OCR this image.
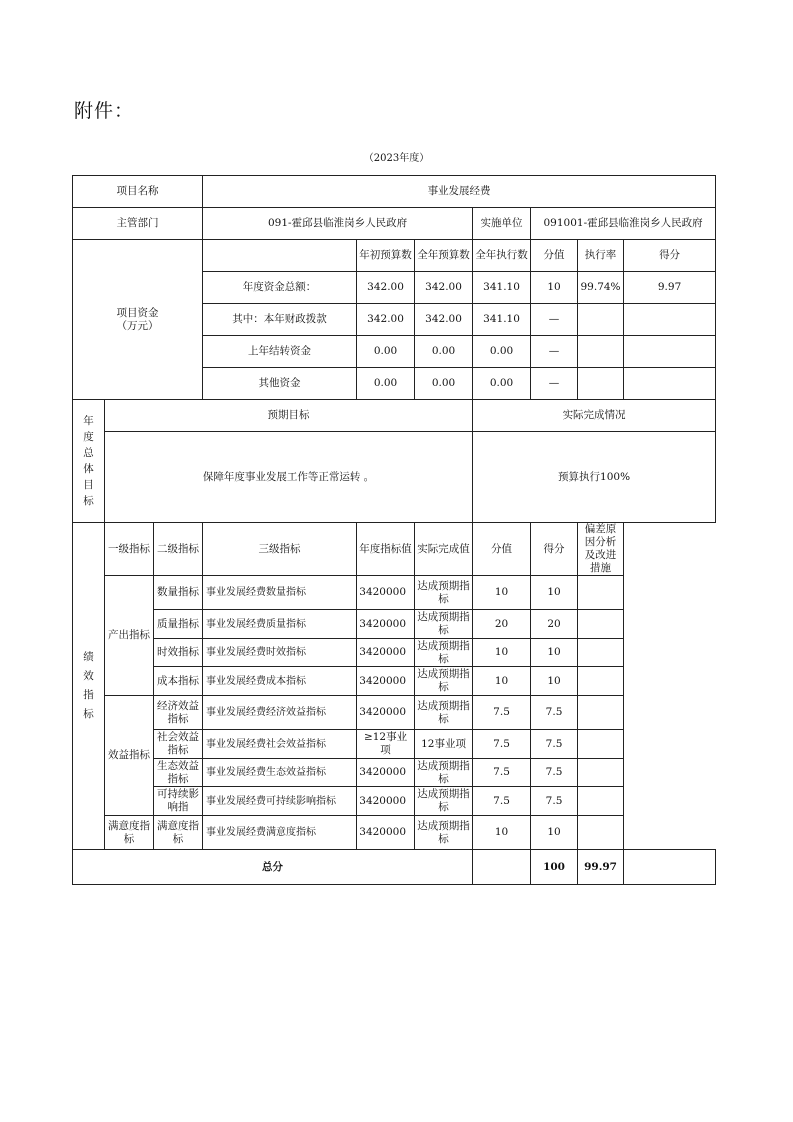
附件：
（2023年度）
项目名称			事业发展经费						
主管部门			091-霍邱县临淮岗乡人民政府			实施单位	091001-霍邱县临淮岗乡人民政府		
项目资金
（万元）				年初预算数	全年预算数	全年执行数	分值	执行率	得分
			年度资金总额：	342.00	342.00	341.10	10	99.74%	9.97
			其中：本年财政拨款	342.00	342.00	341.10	—		
			上年结转资金	0.00	0.00	0.00	—		
			其他资金	0.00	0.00	0.00	—		
年度总体目标	预期目标					实际完成情况			
	保障年度事业发展工作等正常运转 。					预算执行100%			
绩效指标	一级指标	二级指标	三级指标	年度指标值	实际完成值	分值	得分	偏差原因分析及改进措施	
	产出指标	数量指标	事业发展经费数量指标	3420000	达成预期指标	10	10		
		质量指标	事业发展经费质量指标	3420000	达成预期指标	20	20		
		时效指标	事业发展经费时效指标	3420000	达成预期指标	10	10		
		成本指标	事业发展经费成本指标	3420000	达成预期指标	10	10		
	效益指标	经济效益指标	事业发展经费经济效益指标	3420000	达成预期指标	7.5	7.5		
		社会效益指标	事业发展经费社会效益指标	≥12事业项	12事业项	7.5	7.5		
		生态效益指标	事业发展经费生态效益指标	3420000	达成预期指标	7.5	7.5		
		可持续影响指	事业发展经费可持续影响指标	3420000	达成预期指标	7.5	7.5		
	满意度指标	满意度指标	事业发展经费满意度指标	3420000	达成预期指标	10	10		
总分							100	99.97	
